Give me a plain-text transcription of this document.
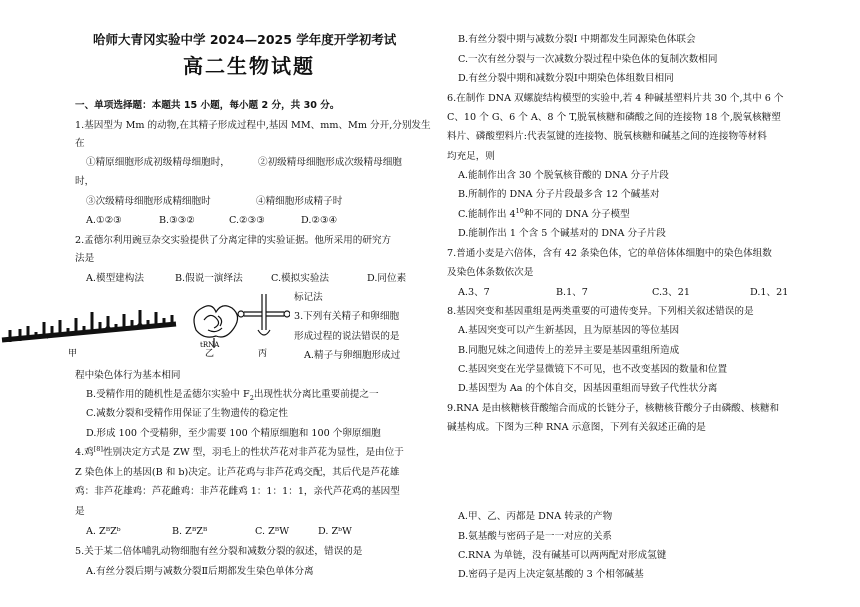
哈师大青冈实验中学 2024—2025 学年度开学初考试
高二生物试题
一、单项选择题：本题共 15 小题，每小题 2 分，共 30 分。
1.基因型为 Mm 的动物,在其精子形成过程中,基因 MM、mm、Mm 分开,分别发生
在
①精原细胞形成初级精母细胞时，	②初级精母细胞形成次级精母细胞
时，
③次级精母细胞形成精细胞时	④精细胞形成精子时
A.①②③	B.③③②	C.②③③	D.②③④
2.孟德尔利用豌豆杂交实验提供了分离定律的实验证据。他所采用的研究方
法是
A.模型建构法	B.假说一演绎法	C.模拟实验法	D.同位素
标记法
甲	乙	丙
tRNA
3.下列有关精子和卵细胞
形成过程的说法错误的是
A.精子与卵细胞形成过
程中染色体行为基本相同
B.受精作用的随机性是孟德尔实验中 $F_2$出现性状分离比重要前提之一
C.减数分裂和受精作用保证了生物遗传的稳定性
D.形成 100 个受精卵，至少需要 100 个精原细胞和 100 个卵原细胞
4.鸡[8]性别决定方式是 ZW 型，羽毛上的性状芦花对非芦花为显性，是由位于
Z 染色体上的基因(B 和 b)决定。让芦花鸡与非芦花鸡交配，其后代是芦花雄
鸡：非芦花雄鸡：芦花雌鸡：非芦花雌鸡 1：1：1：1，亲代芦花鸡的基因型
是
A. ZᴮZᵇ	B. ZᴮZᴮ	C. ZᴮW	D. ZᵇW
5.关于某二倍体哺乳动物细胞有丝分裂和减数分裂的叙述，错误的是
A.有丝分裂后期与减数分裂Ⅱ后期都发生染色单体分离
B.有丝分裂中期与减数分裂Ⅰ 中期都发生同源染色体联会
C.一次有丝分裂与一次减数分裂过程中染色体的复制次数相同
D.有丝分裂中期和减数分裂Ⅰ中期染色体组数目相同
6.在制作 DNA 双螺旋结构模型的实验中,若 4 种碱基塑料片共 30 个,其中 6 个
C、10 个 G、6 个 A、8 个 T,脱氧核糖和磷酸之间的连接物 18 个,脱氧核糖塑
料片、磷酸塑料片:代表氢键的连接物、脱氧核糖和碱基之间的连接物等材料
均充足，则
A.能制作出含 30 个脱氧核苷酸的 DNA 分子片段
B.所制作的 DNA 分子片段最多含 12 个碱基对
C.能制作出 $4^{10}$种不同的 DNA 分子模型
D.能制作出 1 个含 5 个碱基对的 DNA 分子片段
7.普通小麦是六倍体，含有 42 条染色体，它的单倍体体细胞中的染色体组数
及染色体条数依次是
A.3、7	B.1、7	C.3、21	D.1、21
8.基因突变和基因重组是两类重要的可遗传变异。下列相关叙述错误的是
A.基因突变可以产生新基因，且为原基因的等位基因
B.同胞兄妹之间遗传上的差异主要是基因重组所造成
C.基因突变在光学显微镜下不可见，也不改变基因的数量和位置
D.基因型为 Aa 的个体自交，因基因重组而导致子代性状分离
9.RNA 是由核糖核苷酸缩合而成的长链分子，核糖核苷酸分子由磷酸、核糖和
碱基构成。下图为三种 RNA 示意图，下列有关叙述正确的是
A.甲、乙、丙都是 DNA 转录的产物
B.氨基酸与密码子是一一对应的关系
C.RNA 为单链，没有碱基可以两两配对形成氢键
D.密码子是丙上决定氨基酸的 3 个相邻碱基
